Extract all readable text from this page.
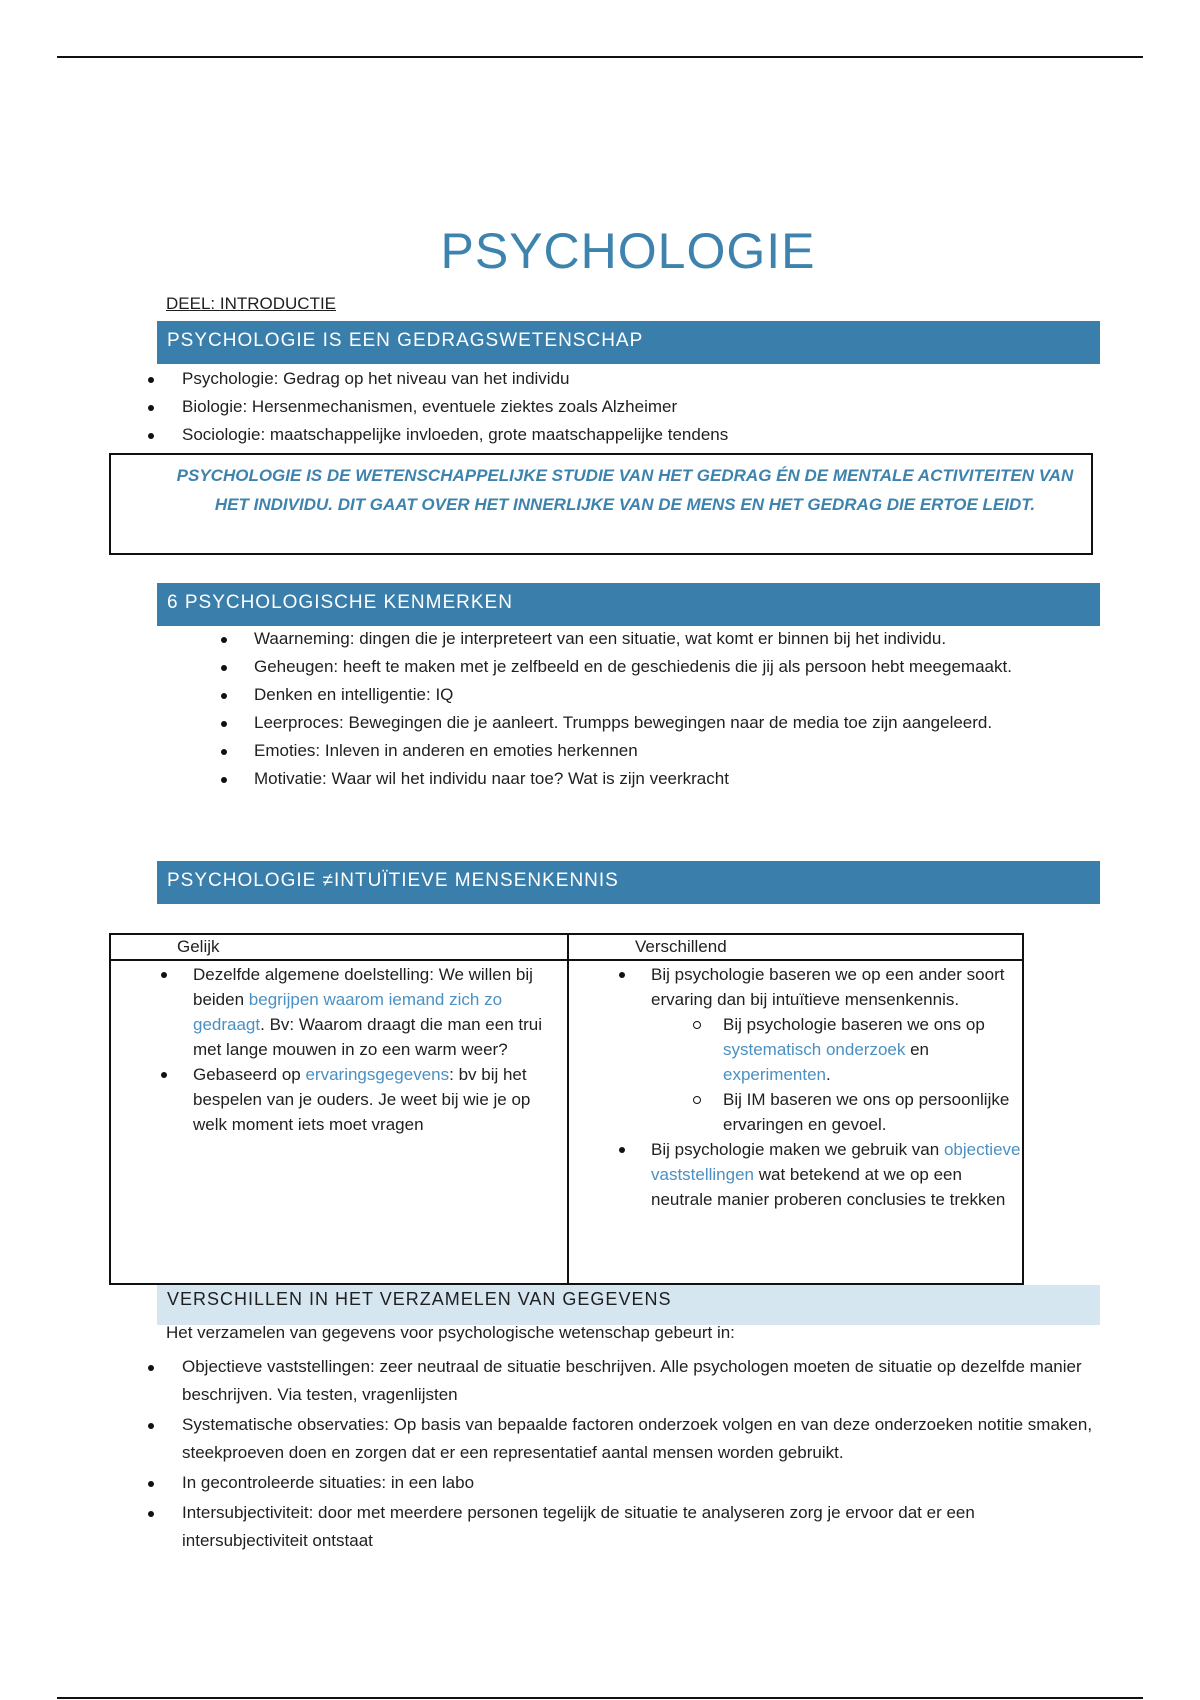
PSYCHOLOGIE
DEEL: INTRODUCTIE
PSYCHOLOGIE IS EEN GEDRAGSWETENSCHAP
Psychologie: Gedrag op het niveau van het individu
Biologie: Hersenmechanismen, eventuele ziektes zoals Alzheimer
Sociologie: maatschappelijke invloeden, grote maatschappelijke tendens
PSYCHOLOGIE IS DE WETENSCHAPPELIJKE STUDIE VAN HET GEDRAG ÉN DE MENTALE ACTIVITEITEN VAN HET INDIVIDU. DIT GAAT OVER HET INNERLIJKE VAN DE MENS EN HET GEDRAG DIE ERTOE LEIDT.
6 PSYCHOLOGISCHE KENMERKEN
Waarneming: dingen die je interpreteert van een situatie, wat komt er binnen bij het individu.
Geheugen: heeft te maken met je zelfbeeld en de geschiedenis die jij als persoon hebt meegemaakt.
Denken en intelligentie: IQ
Leerproces: Bewegingen die je aanleert. Trumpps bewegingen naar de media toe zijn aangeleerd.
Emoties: Inleven in anderen en emoties herkennen
Motivatie: Waar wil het individu naar toe? Wat is zijn veerkracht
PSYCHOLOGIE ≠INTUÏTIEVE MENSENKENNIS
Gelijk	Verschillend
Dezelfde algemene doelstelling: We willen bij beiden begrijpen waarom iemand zich zo gedraagt. Bv: Waarom draagt die man een trui met lange mouwen in zo een warm weer?
Gebaseerd op ervaringsgegevens: bv bij het bespelen van je ouders. Je weet bij wie je op welk moment iets moet vragen
Bij psychologie baseren we op een ander soort ervaring dan bij intuïtieve mensenkennis.
Bij psychologie baseren we ons op systematisch onderzoek en experimenten.
Bij IM baseren we ons op persoonlijke ervaringen en gevoel.
Bij psychologie maken we gebruik van objectieve vaststellingen wat betekend at we op een neutrale manier proberen conclusies te trekken
VERSCHILLEN IN HET VERZAMELEN VAN GEGEVENS
Het verzamelen van gegevens voor psychologische wetenschap gebeurt in:
Objectieve vaststellingen: zeer neutraal de situatie beschrijven. Alle psychologen moeten de situatie op dezelfde manier beschrijven. Via testen, vragenlijsten
Systematische observaties: Op basis van bepaalde factoren onderzoek volgen en van deze onderzoeken notitie smaken, steekproeven doen en zorgen dat er een representatief aantal mensen worden gebruikt.
In gecontroleerde situaties: in een labo
Intersubjectiviteit: door met meerdere personen tegelijk de situatie te analyseren zorg je ervoor dat er een intersubjectiviteit ontstaat
